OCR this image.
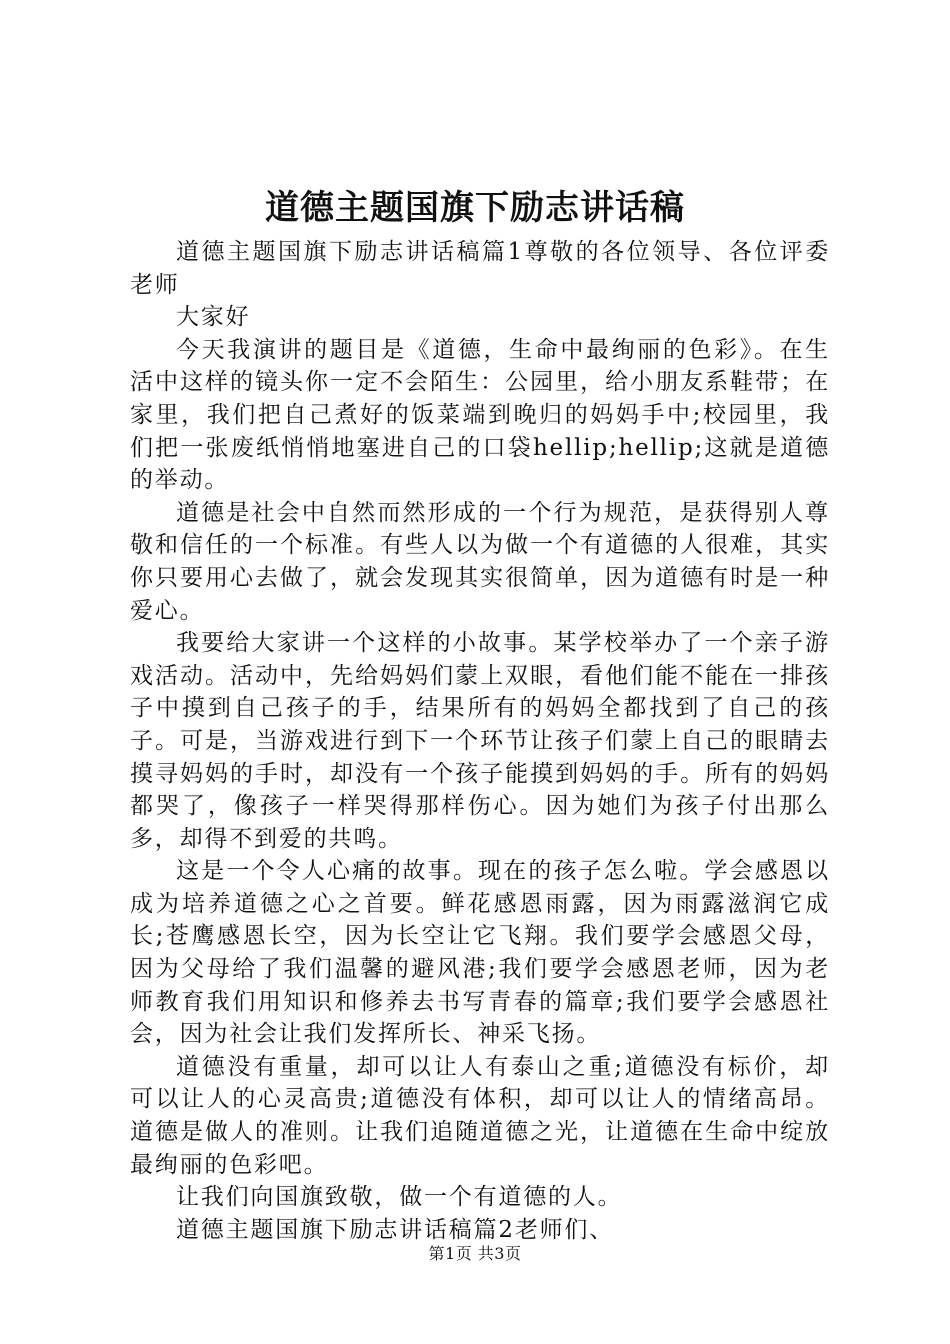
道德主题国旗下励志讲话稿

道德主题国旗下励志讲话稿篇1尊敬的各位领导、各位评委老师

大家好

今天我演讲的题目是《道德，生命中最绚丽的色彩》。在生活中这样的镜头你一定不会陌生：公园里，给小朋友系鞋带；在家里，我们把自己煮好的饭菜端到晚归的妈妈手中;校园里，我们把一张废纸悄悄地塞进自己的口袋hellip;hellip;这就是道德的举动。

道德是社会中自然而然形成的一个行为规范，是获得别人尊敬和信任的一个标准。有些人以为做一个有道德的人很难，其实你只要用心去做了，就会发现其实很简单，因为道德有时是一种爱心。

我要给大家讲一个这样的小故事。某学校举办了一个亲子游戏活动。活动中，先给妈妈们蒙上双眼，看他们能不能在一排孩子中摸到自己孩子的手，结果所有的妈妈全都找到了自己的孩子。可是，当游戏进行到下一个环节让孩子们蒙上自己的眼睛去摸寻妈妈的手时，却没有一个孩子能摸到妈妈的手。所有的妈妈都哭了，像孩子一样哭得那样伤心。因为她们为孩子付出那么多，却得不到爱的共鸣。

这是一个令人心痛的故事。现在的孩子怎么啦。学会感恩以成为培养道德之心之首要。鲜花感恩雨露，因为雨露滋润它成长;苍鹰感恩长空，因为长空让它飞翔。我们要学会感恩父母，因为父母给了我们温馨的避风港;我们要学会感恩老师，因为老师教育我们用知识和修养去书写青春的篇章;我们要学会感恩社会，因为社会让我们发挥所长、神采飞扬。

道德没有重量，却可以让人有泰山之重;道德没有标价，却可以让人的心灵高贵;道德没有体积，却可以让人的情绪高昂。道德是做人的准则。让我们追随道德之光，让道德在生命中绽放最绚丽的色彩吧。

让我们向国旗致敬，做一个有道德的人。

道德主题国旗下励志讲话稿篇2老师们、

第1页 共3页
